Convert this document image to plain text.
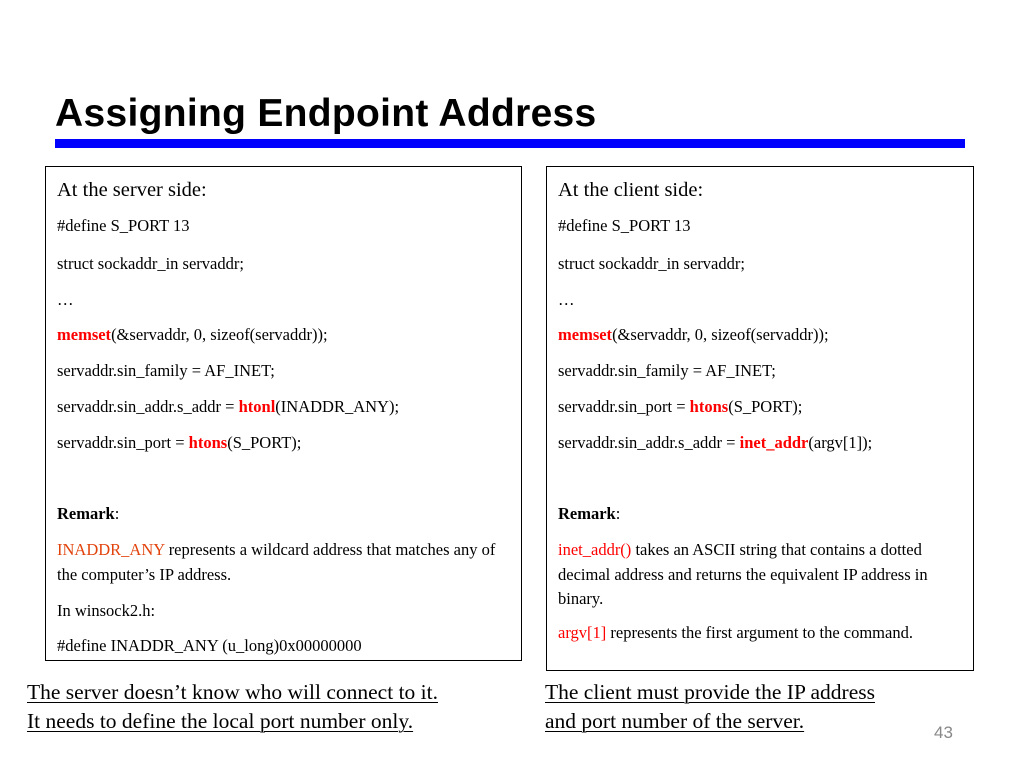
Assigning Endpoint Address
At the server side:
#define S_PORT 13
struct sockaddr_in servaddr;
…
memset(&servaddr, 0, sizeof(servaddr));
servaddr.sin_family = AF_INET;
servaddr.sin_addr.s_addr = htonl(INADDR_ANY);
servaddr.sin_port = htons(S_PORT);
Remark:
INADDR_ANY represents a wildcard address that matches any of the computer’s IP address.
In winsock2.h:
#define INADDR_ANY (u_long)0x00000000
At the client side:
#define S_PORT 13
struct sockaddr_in servaddr;
…
memset(&servaddr, 0, sizeof(servaddr));
servaddr.sin_family = AF_INET;
servaddr.sin_port = htons(S_PORT);
servaddr.sin_addr.s_addr = inet_addr(argv[1]);
Remark:
inet_addr() takes an ASCII string that contains a dotted decimal address and returns the equivalent IP address in binary.
argv[1] represents the first argument to the command.
The server doesn’t know who will connect to it.
It needs to define the local port number only.
The client must provide the IP address
and port number of the server.	43
